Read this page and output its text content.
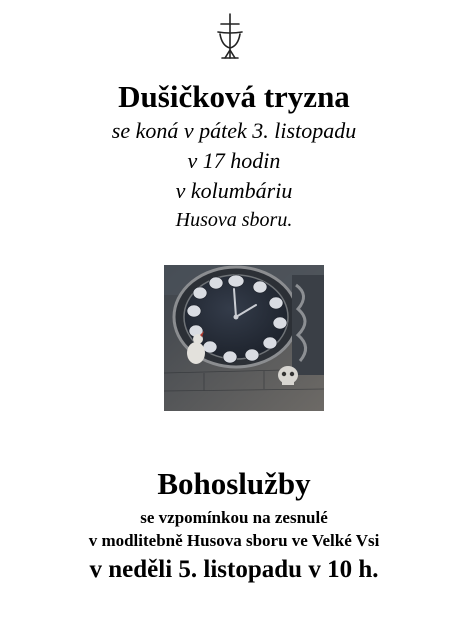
Dušičková tryzna
se koná v pátek 3. listopadu
v 17 hodin
v kolumbáriu
Husova sboru.
Bohoslužby
se vzpomínkou na zesnulé
v modlitebně Husova sboru ve Velké Vsi
v neděli 5. listopadu v 10 h.
